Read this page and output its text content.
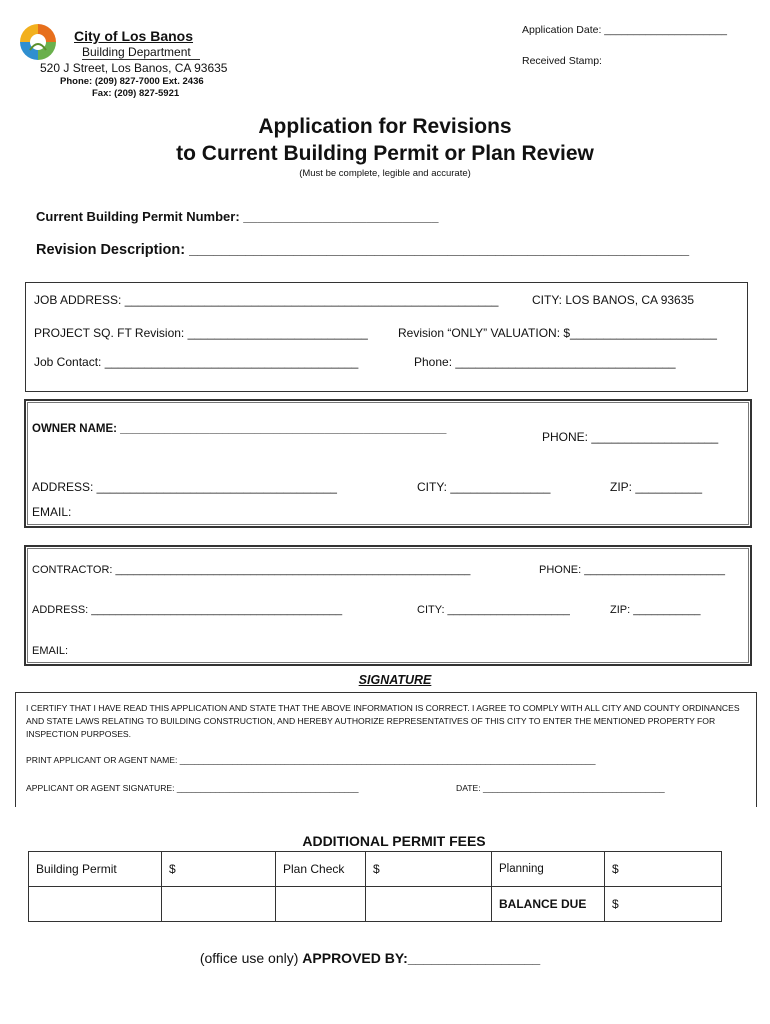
City of Los Banos
Building Department
520 J Street, Los Banos, CA 93635
Phone: (209) 827-7000 Ext. 2436
Fax: (209) 827-5921
Application Date: _____________________
Received Stamp:
Application for Revisions
to Current Building Permit or Plan Review
(Must be complete, legible and accurate)
Current Building Permit Number: ___________________________
Revision Description: ______________________________________________________________
JOB ADDRESS: ________________________________________________________	CITY: LOS BANOS, CA 93635
PROJECT SQ. FT Revision: ___________________________	Revision “ONLY” VALUATION: $______________________
Job Contact: ______________________________________	Phone: _________________________________
OWNER NAME: ___________________________________________________
PHONE: ___________________
ADDRESS: ____________________________________	CITY: _______________	ZIP: __________
EMAIL:
CONTRACTOR: __________________________________________________________	PHONE: _______________________
ADDRESS: _________________________________________	CITY: ____________________	ZIP: ___________
EMAIL:
SIGNATURE
I CERTIFY THAT I HAVE READ THIS APPLICATION AND STATE THAT THE ABOVE INFORMATION IS CORRECT. I AGREE TO COMPLY WITH ALL CITY AND COUNTY ORDINANCES AND STATE LAWS RELATING TO BUILDING CONSTRUCTION, AND HEREBY AUTHORIZE REPRESENTATIVES OF THIS CITY TO ENTER THE MENTIONED PROPERTY FOR INSPECTION PURPOSES.
PRINT APPLICANT OR AGENT NAME: _______________________________________________________________________________________
APPLICANT OR AGENT SIGNATURE: ______________________________________	DATE: ______________________________________
ADDITIONAL PERMIT FEES
Building Permit	$	Plan Check	$	Planning	$
				BALANCE DUE	$
(office use only) APPROVED BY:_________________
